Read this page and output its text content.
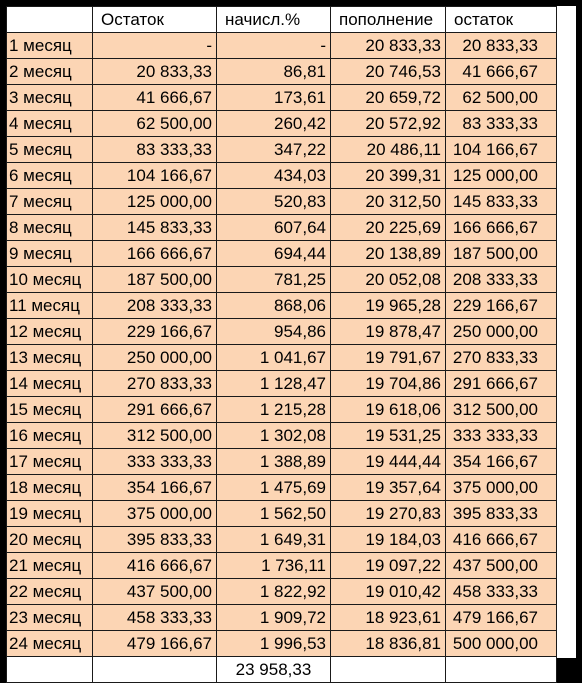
	Остаток	начисл.%	пополнение	остаток
1 месяц	-	-	20 833,33	20 833,33
2 месяц	20 833,33	86,81	20 746,53	41 666,67
3 месяц	41 666,67	173,61	20 659,72	62 500,00
4 месяц	62 500,00	260,42	20 572,92	83 333,33
5 месяц	83 333,33	347,22	20 486,11	104 166,67
6 месяц	104 166,67	434,03	20 399,31	125 000,00
7 месяц	125 000,00	520,83	20 312,50	145 833,33
8 месяц	145 833,33	607,64	20 225,69	166 666,67
9 месяц	166 666,67	694,44	20 138,89	187 500,00
10 месяц	187 500,00	781,25	20 052,08	208 333,33
11 месяц	208 333,33	868,06	19 965,28	229 166,67
12 месяц	229 166,67	954,86	19 878,47	250 000,00
13 месяц	250 000,00	1 041,67	19 791,67	270 833,33
14 месяц	270 833,33	1 128,47	19 704,86	291 666,67
15 месяц	291 666,67	1 215,28	19 618,06	312 500,00
16 месяц	312 500,00	1 302,08	19 531,25	333 333,33
17 месяц	333 333,33	1 388,89	19 444,44	354 166,67
18 месяц	354 166,67	1 475,69	19 357,64	375 000,00
19 месяц	375 000,00	1 562,50	19 270,83	395 833,33
20 месяц	395 833,33	1 649,31	19 184,03	416 666,67
21 месяц	416 666,67	1 736,11	19 097,22	437 500,00
22 месяц	437 500,00	1 822,92	19 010,42	458 333,33
23 месяц	458 333,33	1 909,72	18 923,61	479 166,67
24 месяц	479 166,67	1 996,53	18 836,81	500 000,00
		23 958,33		
